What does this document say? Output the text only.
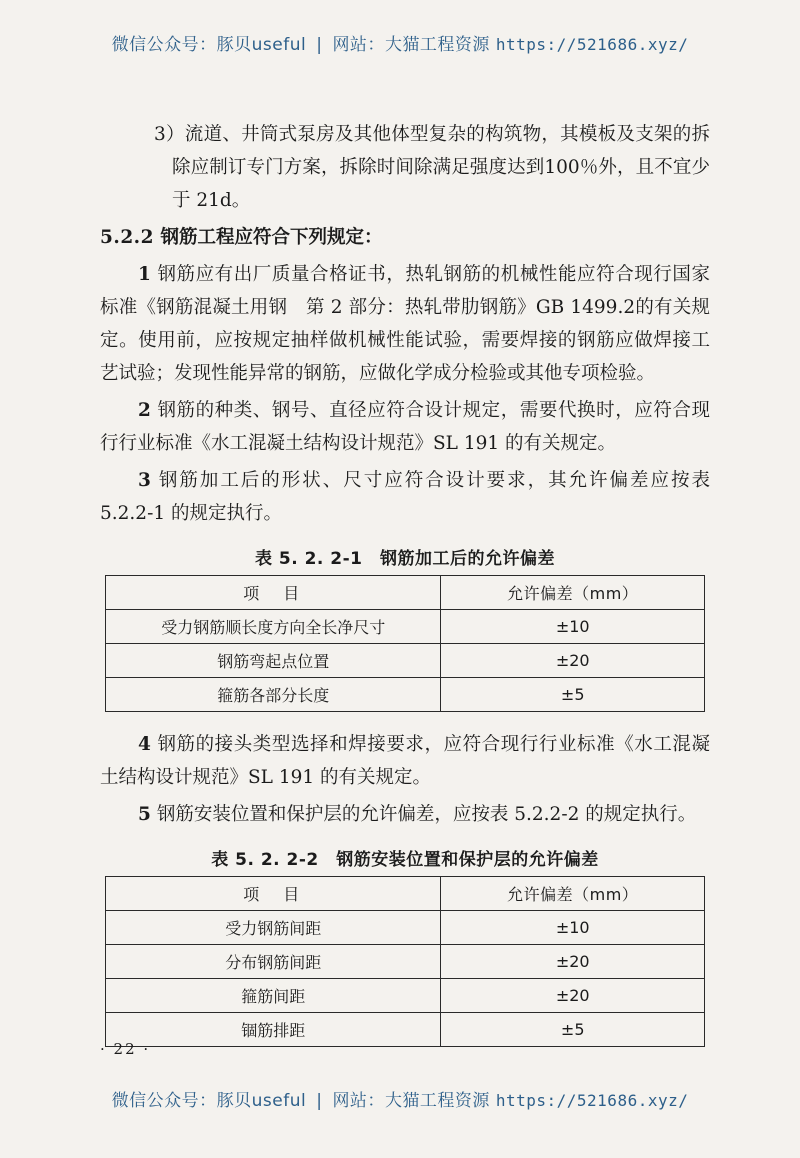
微信公众号：豚贝useful | 网站：大猫工程资源 https://521686.xyz/

3）流道、井筒式泵房及其他体型复杂的构筑物，其模板及支架的拆除应制订专门方案，拆除时间除满足强度达到100％外，且不宜少于 21d。

5.2.2 钢筋工程应符合下列规定：

1 钢筋应有出厂质量合格证书，热轧钢筋的机械性能应符合现行国家标准《钢筋混凝土用钢　第 2 部分：热轧带肋钢筋》GB 1499.2的有关规定。使用前，应按规定抽样做机械性能试验，需要焊接的钢筋应做焊接工艺试验；发现性能异常的钢筋，应做化学成分检验或其他专项检验。

2 钢筋的种类、钢号、直径应符合设计规定，需要代换时，应符合现行行业标准《水工混凝土结构设计规范》SL 191 的有关规定。

3 钢筋加工后的形状、尺寸应符合设计要求，其允许偏差应按表 5.2.2-1 的规定执行。

表 5. 2. 2-1　钢筋加工后的允许偏差
项　目	允许偏差（mm）
受力钢筋顺长度方向全长净尺寸	±10
钢筋弯起点位置	±20
箍筋各部分长度	±5

4 钢筋的接头类型选择和焊接要求，应符合现行行业标准《水工混凝土结构设计规范》SL 191 的有关规定。

5 钢筋安装位置和保护层的允许偏差，应按表 5.2.2-2 的规定执行。

表 5. 2. 2-2　钢筋安装位置和保护层的允许偏差
项　目	允许偏差（mm）
受力钢筋间距	±10
分布钢筋间距	±20
箍筋间距	±20
锢筋排距	±5
· 22 ·
微信公众号：豚贝useful | 网站：大猫工程资源 https://521686.xyz/
